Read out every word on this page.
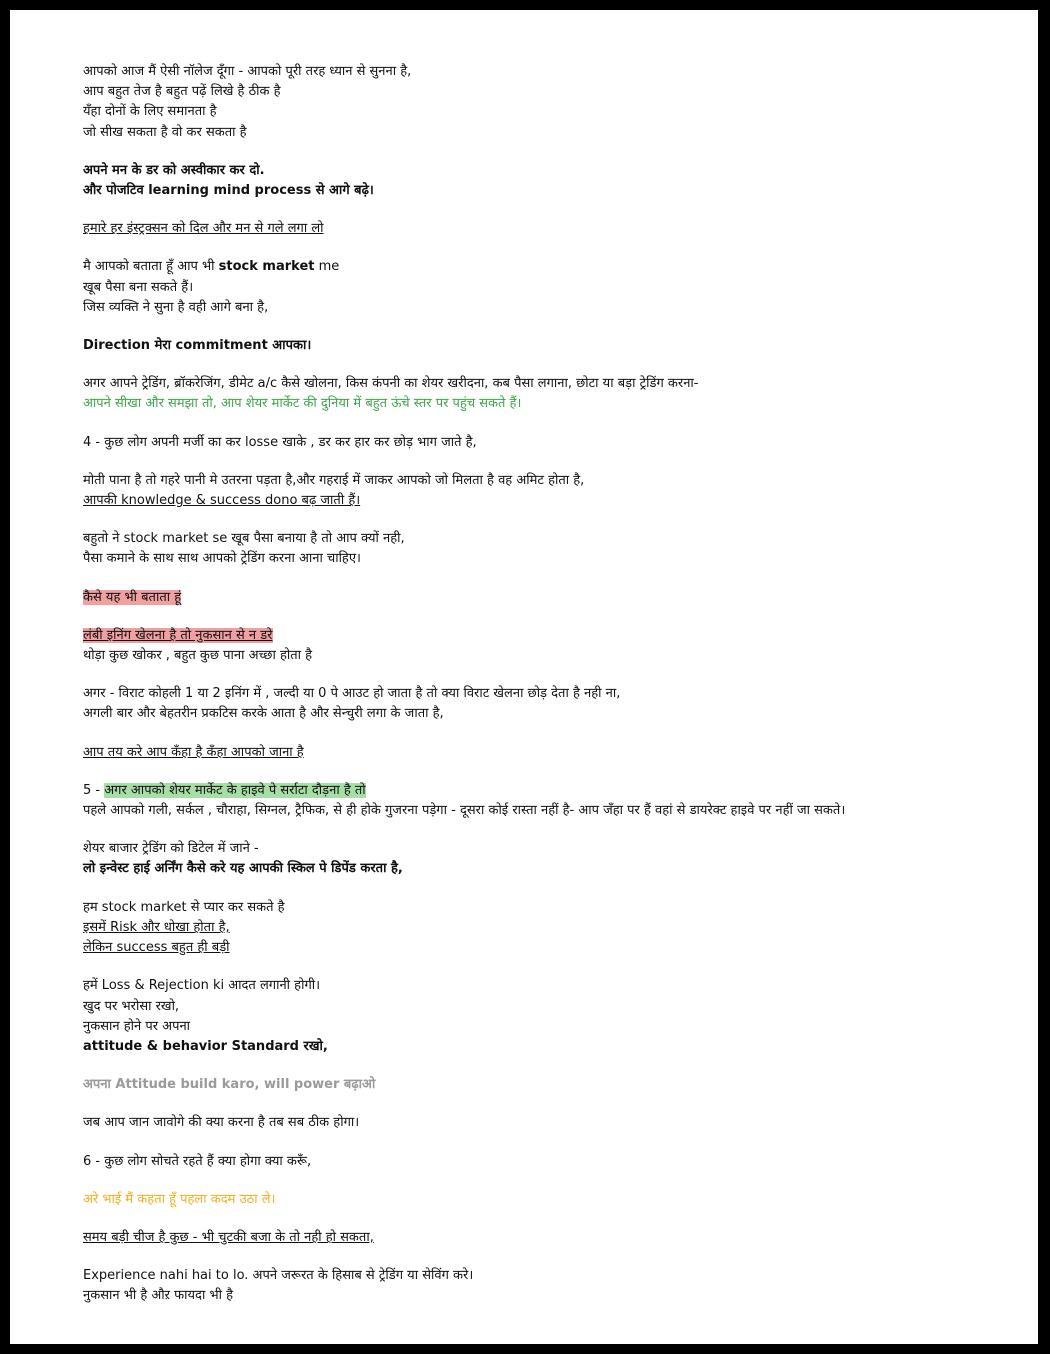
आपको आज मैं ऐसी नॉलेज दूँगा - आपको पूरी तरह ध्यान से सुनना है,

आप बहुत तेज है बहुत पढ़ें लिखे है ठीक है

यँहा दोनों के लिए समानता है

जो सीख सकता है वो कर सकता है

अपने मन के डर को अस्वीकार कर दो.

और पोजटिव learning mind process से आगे बढ़े।

हमारे हर इंस्ट्रक्सन को दिल और मन से गले लगा लो

मै आपको बताता हूँ आप भी stock market me

खूब पैसा बना सकते हैं।

जिस व्यक्ति ने सुना है वही आगे बना है,

Direction मेरा commitment आपका।

अगर आपने ट्रेडिंग, ब्रॉकरेजिंग, डीमेट a/c कैसे खोलना, किस कंपनी का शेयर खरीदना, कब पैसा लगाना, छोटा या बड़ा ट्रेडिंग करना-

आपने सीखा और समझा तो, आप शेयर मार्केट की दुनिया में बहुत ऊंचे स्तर पर पहुंच सकते हैं।

4 - कुछ लोग अपनी मर्जी का कर losse खाके , डर कर हार कर छोड़ भाग जाते है,

मोती पाना है तो गहरे पानी मे उतरना पड़ता है,और गहराई में जाकर आपको जो मिलता है वह अमिट होता है,

आपकी knowledge & success dono बढ़ जाती हैं।

बहुतो ने stock market se खूब पैसा बनाया है तो आप क्यों नही,

पैसा कमाने के साथ साथ आपको ट्रेडिंग करना आना चाहिए।

कैसे यह भी बताता हूं

लंबी इनिंग खेलना है तो नुकसान से न डरे

थोड़ा कुछ खोकर , बहुत कुछ पाना अच्छा होता है

अगर - विराट कोहली 1 या 2 इनिंग में , जल्दी या 0 पे आउट हो जाता है तो क्या विराट खेलना छोड़ देता है नही ना,

अगली बार और बेहतरीन प्रकटिस करके आता है और सेन्चुरी लगा के जाता है,

आप तय करे आप कँहा है कँहा आपको जाना है

5 - अगर आपको शेयर मार्केट के हाइवे पे सर्राटा दौड़ना है तो

पहले आपको गली, सर्कल , चौराहा, सिग्नल, ट्रैफिक, से ही होके गुजरना पड़ेगा - दूसरा कोई रास्ता नहीं है- आप जँहा पर हैं वहां से डायरेक्ट हाइवे पर नहीं जा सकते।

शेयर बाजार ट्रेडिंग को डिटेल में जाने -

लो इन्वेस्ट हाई अर्निंग कैसे करे यह आपकी स्किल पे डिपेंड करता है,

हम stock market से प्यार कर सकते है

इसमें Risk और धोखा होता है,

लेकिन success बहुत ही बड़ी

हमें Loss & Rejection ki आदत लगानी होगी।

खुद पर भरोसा रखो,

नुकसान होने पर अपना

attitude & behavior Standard रखो,

अपना Attitude build karo, will power बढ़ाओ

जब आप जान जावोगे की क्या करना है तब सब ठीक होगा।

6 - कुछ लोग सोचते रहते हैं क्या होगा क्या करूँ,

अरे भाई मैं कहता हूँ पहला कदम उठा ले।

समय बड़ी चीज है कुछ - भी चुटकी बजा के तो नही हो सकता,

Experience nahi hai to lo. अपने जरूरत के हिसाब से ट्रेडिंग या सेविंग करे।

नुकसान भी है औऱ फायदा भी है
